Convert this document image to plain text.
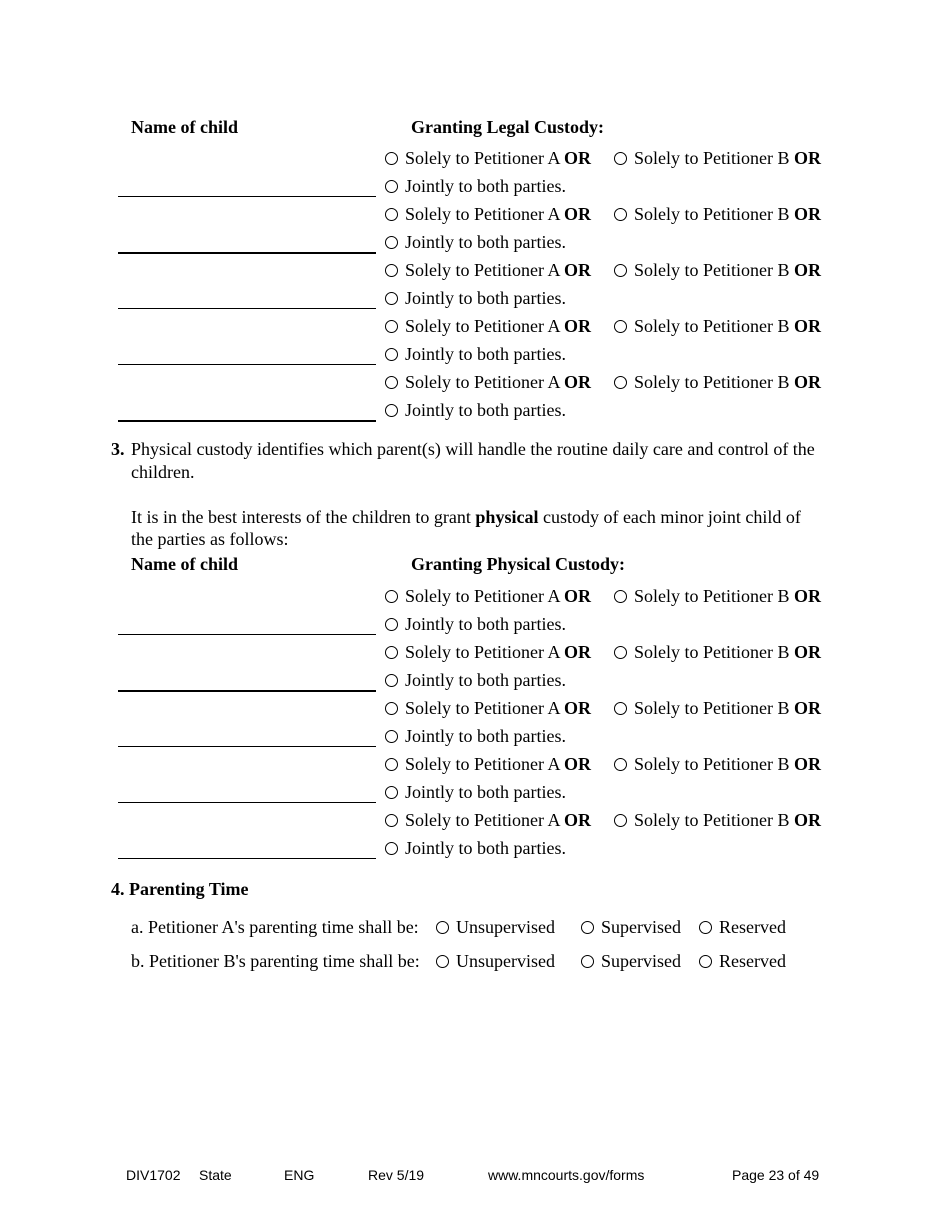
Name of child	Granting Legal Custody:
Solely to Petitioner A OR	Solely to Petitioner B OR
Jointly to both parties.
Solely to Petitioner A OR	Solely to Petitioner B OR
Jointly to both parties.
Solely to Petitioner A OR	Solely to Petitioner B OR
Jointly to both parties.
Solely to Petitioner A OR	Solely to Petitioner B OR
Jointly to both parties.
Solely to Petitioner A OR	Solely to Petitioner B OR
Jointly to both parties.
3. Physical custody identifies which parent(s) will handle the routine daily care and control of the
children.
It is in the best interests of the children to grant physical custody of each minor joint child of
the parties as follows:
Name of child	Granting Physical Custody:
Solely to Petitioner A OR	Solely to Petitioner B OR
Jointly to both parties.
Solely to Petitioner A OR	Solely to Petitioner B OR
Jointly to both parties.
Solely to Petitioner A OR	Solely to Petitioner B OR
Jointly to both parties.
Solely to Petitioner A OR	Solely to Petitioner B OR
Jointly to both parties.
Solely to Petitioner A OR	Solely to Petitioner B OR
Jointly to both parties.
4. Parenting Time
a. Petitioner A's parenting time shall be:	Unsupervised	Supervised	Reserved
b. Petitioner B's parenting time shall be:	Unsupervised	Supervised	Reserved
DIV1702 State	ENG	Rev 5/19	www.mncourts.gov/forms	Page 23 of 49
